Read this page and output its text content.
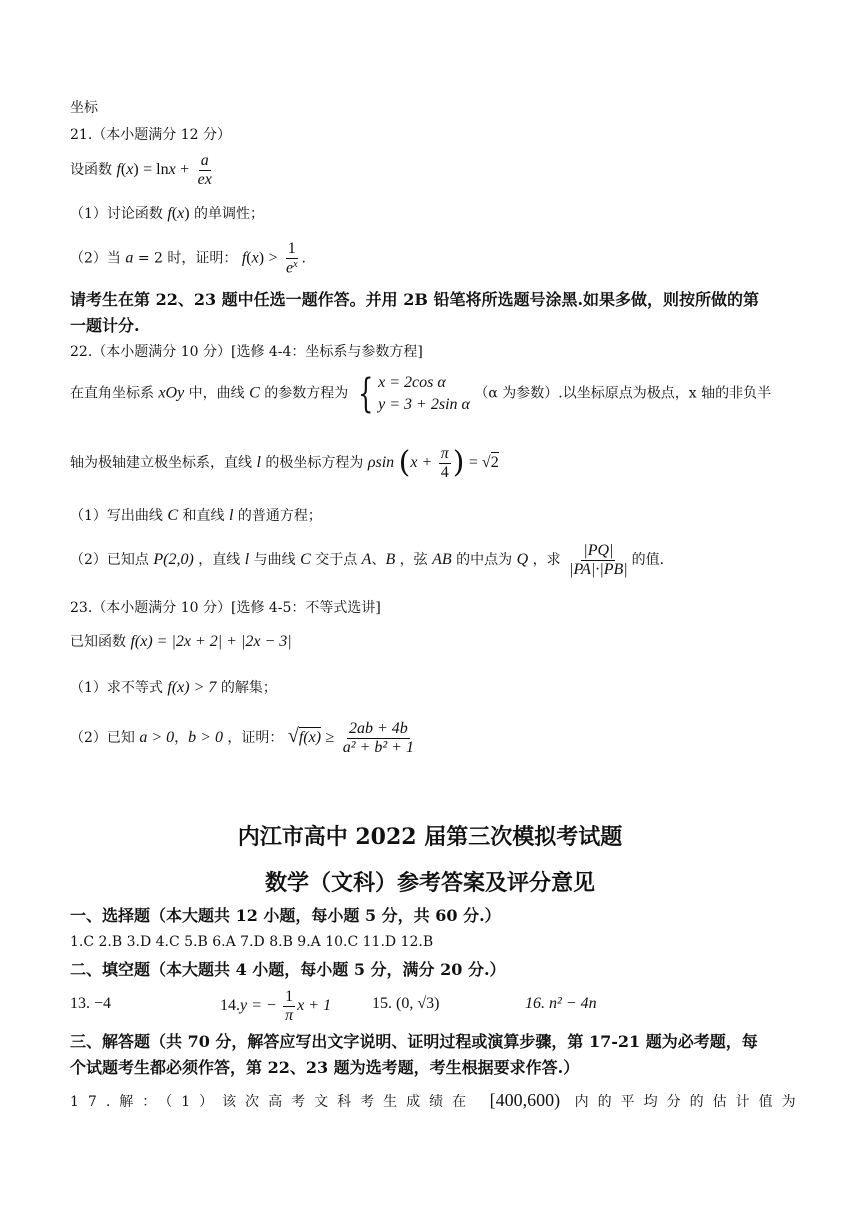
坐标
21.（本小题满分 12 分）
设函数 $f(x) = \ln x + \frac{a}{ex}$
（1）讨论函数 f(x) 的单调性；
（2）当 a = 2 时，证明： $f(x) > \frac{1}{e^x}$ .
请考生在第 22、23 题中任选一题作答。并用 2B 铅笔将所选题号涂黑.如果多做，则按所做的第
一题计分.
22.（本小题满分 10 分）[选修 4-4：坐标系与参数方程]
在直角坐标系 xOy 中，曲线 C 的参数方程为 { x = 2cos α
y = 3 + 2sin α
（α 为参数）.以坐标原点为极点，x 轴的非负半
轴为极轴建立极坐标系，直线 l 的极坐标方程为 ρsin ($x + \frac{\pi}{4}$ ) = √2
（1）写出曲线 C 和直线 l 的普通方程；
（2）已知点 P(2,0) ，直线 l 与曲线 C 交于点 A、B ，弦 AB 的中点为 Q ，求 $\frac{|PQ|}{|PA|\cdot|PB|}$ 的值.
23.（本小题满分 10 分）[选修 4-5：不等式选讲]
已知函数 f(x) = |2x + 2| + |2x − 3|
（1）求不等式 f(x) > 7 的解集；
（2）已知 a > 0，b > 0 ，证明： $√f(x) \ge \frac{2ab + 4b}{\text{a² + b² + 1}}$
内江市高中 2022 届第三次模拟考试题
数学（文科）参考答案及评分意见
一、选择题（本大题共 12 小题，每小题 5 分，共 60 分.）
1.C 2.B 3.D 4.C 5.B 6.A 7.D 8.B 9.A 10.C 11.D 12.B
二、填空题（本大题共 4 小题，每小题 5 分，满分 20 分.）
13. −4	14.y = − $\frac{1}{\pi}$ x + 1	15. (0, √3)	16. n² − 4n
三、解答题（共 70 分，解答应写出文字说明、证明过程或演算步骤，第 17-21 题为必考题，每
个试题考生都必须作答，第 22、23 题为选考题，考生根据要求作答.）
17.解：（1）该次高考文科考生成绩在 [400,600) 内的平均分的估计值为
